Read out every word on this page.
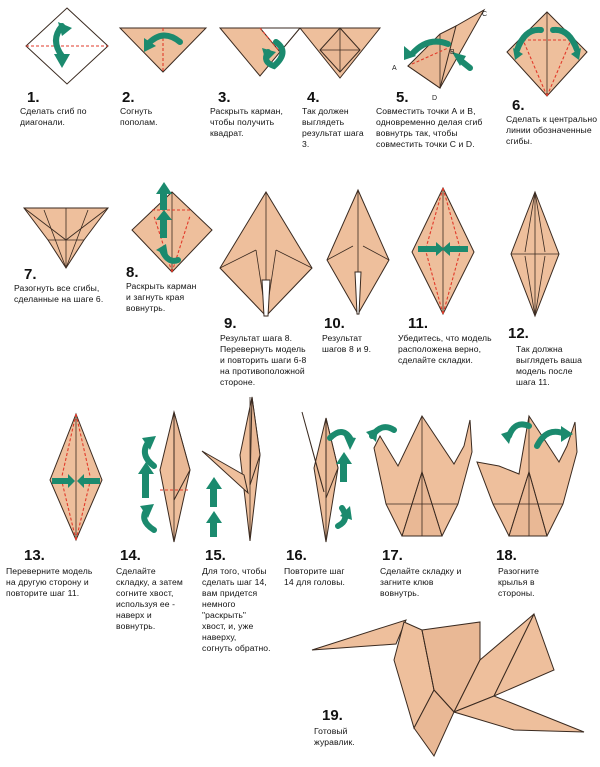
A
B
C
D
1.
Сделать сгиб по
диагонали.
2.
Согнуть
пополам.
3.
Раскрыть карман,
чтобы получить
квадрат.
4.
Так должен
выглядеть
результат шага
3.
5.
Совместить точки А и В,
одновременно делая сгиб
вовнутрь так, чтобы
совместить точки С и D.
6.
Сделать к центрально
линии обозначенные
сгибы.
7.
Разогнуть все сгибы,
сделанные на шаге 6.
8.
Раскрыть карман
и загнуть края
вовнутрь.
9.
Результат шага 8.
Перевернуть модель
и повторить шаги 6-8
на противоположной
стороне.
10.
Результат
шагов 8 и 9.
11.
Убедитесь, что модель
расположена верно,
сделайте складки.
12.
Так должна
выглядеть ваша
модель после
шага 11.
13.
Переверните модель
на другую сторону и
повторите шаг 11.
14.
Сделайте
складку, а затем
согните хвост,
используя ее -
наверх и
вовнутрь.
15.
Для того, чтобы
сделать шаг 14,
вам придется
немного
"раскрыть"
хвост, и, уже
наверху,
согнуть обратно.
16.
Повторите шаг
14 для головы.
17.
Сделайте складку и
загните клюв
вовнутрь.
18.
Разогните
крылья в
стороны.
19.
Готовый
журавлик.
